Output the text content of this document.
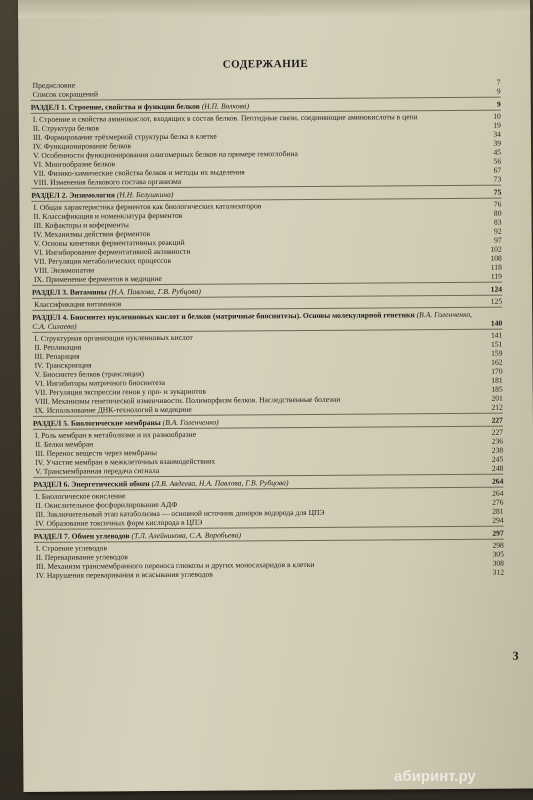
СОДЕРЖАНИЕ
Предисловие	7
Список сокращений	9
РАЗДЕЛ 1. Строение, свойства и функции белков (Н.П. Волкова)	9
I. Строение и свойства аминокислот, входящих в состав белков. Пептидные связи, соединяющие аминокислоты в цепи	10
II. Структура белков	19
III. Формирование трёхмерной структуры белка в клетке	34
IV. Функционирование белков	39
V. Особенности функционирования олигомерных белков на примере гемоглобина	45
VI. Многообразие белков	56
VII. Физико-химические свойства белков и методы их выделения	67
VIII. Изменения белкового состава организма	73
РАЗДЕЛ 2. Энзимология (Н.Н. Белушкина)	75
I. Общая характеристика ферментов как биологических катализаторов	76
II. Классификация и номенклатура ферментов	80
III. Кофакторы и коферменты	83
IV. Механизмы действия ферментов	92
V. Основы кинетики ферментативных реакций	97
VI. Ингибирование ферментативной активности	102
VII. Регуляция метаболических процессов	108
VIII. Энзимопатии	118
IX. Применение ферментов в медицине	119
РАЗДЕЛ 3. Витамины (Н.А. Павлова, Г.В. Рубцова)	124
Классификация витаминов	125
РАЗДЕЛ 4. Биосинтез нуклеиновых кислот и белков (матричные биосинтезы). Основы молекулярной генетики (В.А. Голенченко, С.А. Силаева)	140
I. Структурная организация нуклеиновых кислот	141
II. Репликация	151
III. Репарация	159
IV. Транскрипция	162
V. Биосинтез белков (трансляция)	170
VI. Ингибиторы матричного биосинтеза	181
VII. Регуляция экспрессии генов у про- и эукариотов	185
VIII. Механизмы генетической изменчивости. Полиморфизм белков. Наследственные болезни	201
IX. Использование ДНК-технологий в медицине	212
РАЗДЕЛ 5. Биологические мембраны (В.А. Голенченко)	227
I. Роль мембран в метаболизме и их разнообразие	227
II. Белки мембран	236
III. Перенос веществ через мембраны	238
IV. Участие мембран в межклеточных взаимодействиях	245
V. Трансмембранная передача сигнала	248
РАЗДЕЛ 6. Энергетический обмен (Л.В. Авдеева, Н.А. Павлова, Г.В. Рубцова)	264
I. Биологическое окисление	264
II. Окислительное фосфорилирование АДФ	276
III. Заключительный этап катаболизма — основной источник доноров водорода для ЦПЭ	281
IV. Образование токсичных форм кислорода в ЦПЭ	294
РАЗДЕЛ 7. Обмен углеводов (Т.Л. Алейникова, С.А. Воробьева)	297
I. Строение углеводов	298
II. Переваривание углеводов	305
III. Механизм трансмембранного переноса глюкозы и других моносахаридов в клетки	308
IV. Нарушения переваривания и всасывания углеводов	312
3
абиринт.ру
